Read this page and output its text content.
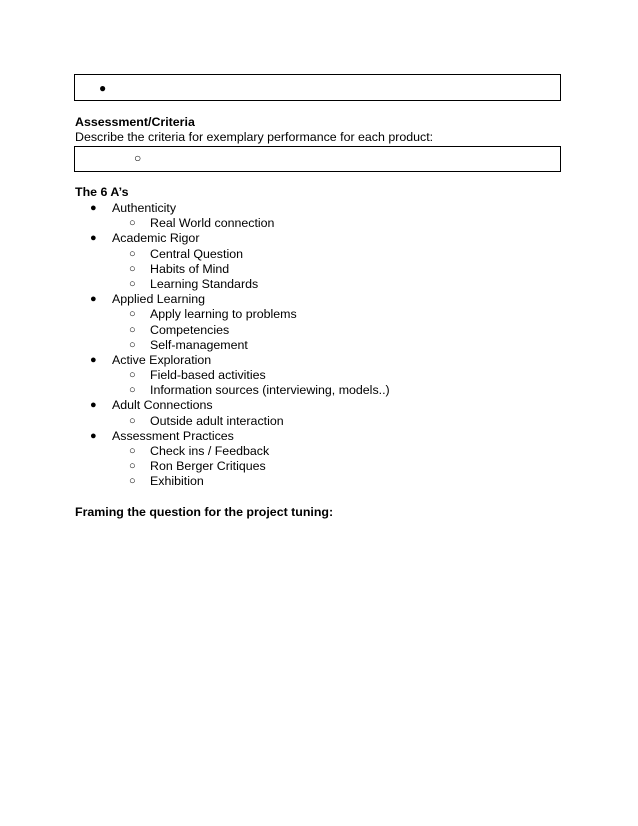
●
Assessment/Criteria
Describe the criteria for exemplary performance for each product:
○
The 6 A’s
● Authenticity
○ Real World connection
● Academic Rigor
○ Central Question
○ Habits of Mind
○ Learning Standards
● Applied Learning
○ Apply learning to problems
○ Competencies
○ Self-management
● Active Exploration
○ Field-based activities
○ Information sources (interviewing, models..)
● Adult Connections
○ Outside adult interaction
● Assessment Practices
○ Check ins / Feedback
○ Ron Berger Critiques
○ Exhibition
Framing the question for the project tuning:
